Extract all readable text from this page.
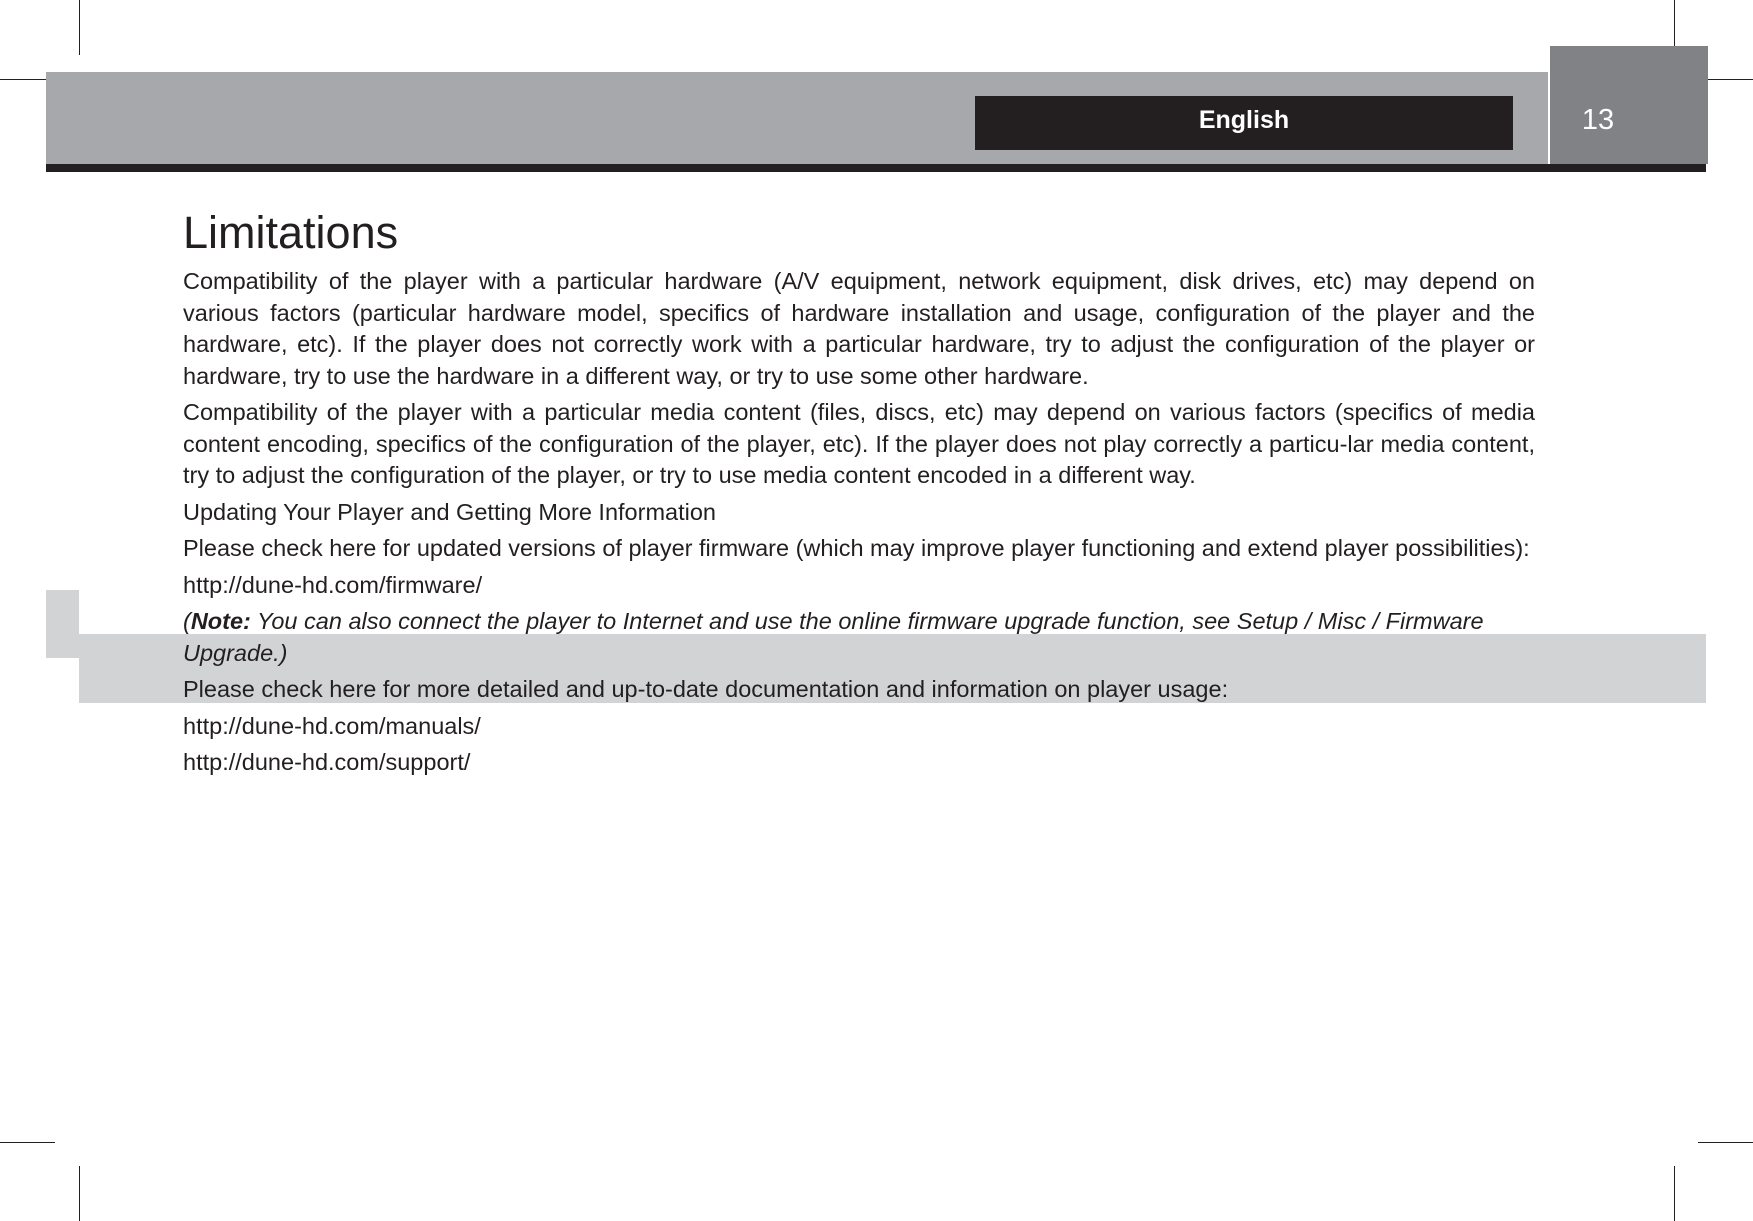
English	13
Limitations

Compatibility of the player with a particular hardware (A/V equipment, network equipment, disk drives, etc) may depend on various factors (particular hardware model, specifics of hardware installation and usage, configuration of the player and the hardware, etc). If the player does not correctly work with a particular hardware, try to adjust the configuration of the player or hardware, try to use the hardware in a different way, or try to use some other hardware.

Compatibility of the player with a particular media content (files, discs, etc) may depend on various factors (specifics of media content encoding, specifics of the configuration of the player, etc). If the player does not play correctly a particu-lar media content, try to adjust the configuration of the player, or try to use media content encoded in a different way.

Updating Your Player and Getting More Information

Please check here for updated versions of player firmware (which may improve player functioning and extend player possibilities):

http://dune-hd.com/firmware/

(Note: You can also connect the player to Internet and use the online firmware upgrade function, see Setup / Misc / Firmware Upgrade.)

Please check here for more detailed and up-to-date documentation and information on player usage:

http://dune-hd.com/manuals/

http://dune-hd.com/support/
